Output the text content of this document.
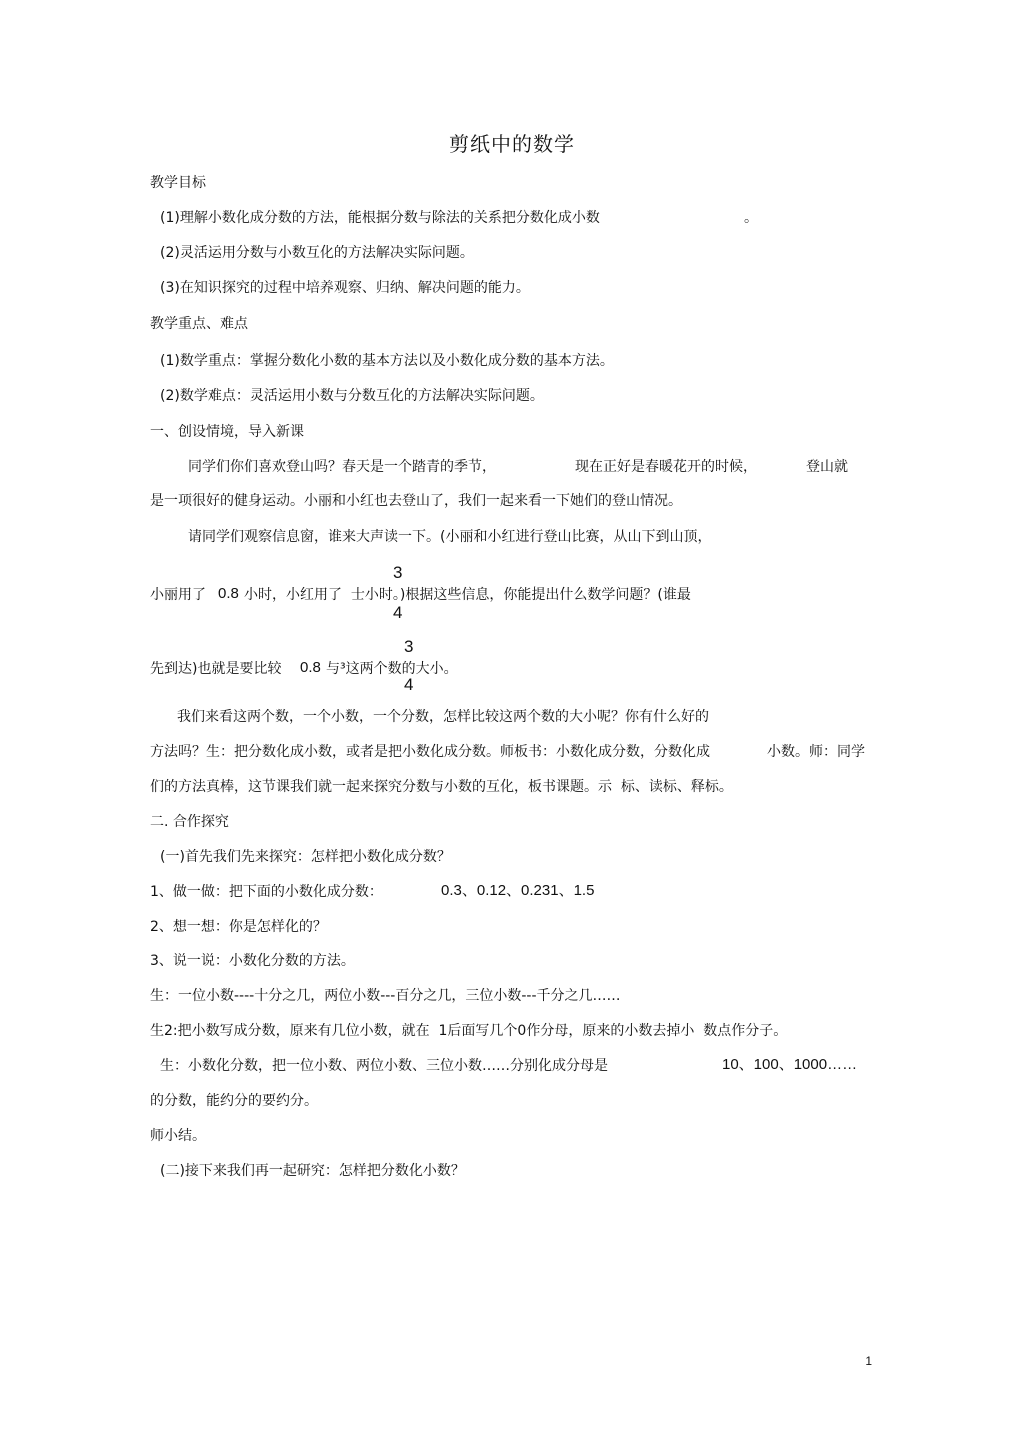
剪纸中的数学
教学目标
(1)理解小数化成分数的方法，能根据分数与除法的关系把分数化成小数	。
(2)灵活运用分数与小数互化的方法解决实际问题。
(3)在知识探究的过程中培养观察、归纳、解决问题的能力。
教学重点、难点
(1)数学重点：掌握分数化小数的基本方法以及小数化成分数的基本方法。
(2)数学难点：灵活运用小数与分数互化的方法解决实际问题。
一、创设情境，导入新课
同学们你们喜欢登山吗？春天是一个踏青的季节，	现在正好是春暖花开的时候，	登山就
是一项很好的健身运动。小丽和小红也去登山了，我们一起来看一下她们的登山情况。
请同学们观察信息窗，谁来大声读一下。(小丽和小红进行登山比赛，从山下到山顶，
3
小丽用了 0.8 小时，小红用了  士小时。)根据这些信息，你能提出什么数学问题？(谁最
4
3
先到达)也就是要比较 0.8 与³这两个数的大小。
4
我们来看这两个数，一个小数，一个分数，怎样比较这两个数的大小呢？你有什么好的
方法吗？生：把分数化成小数，或者是把小数化成分数。师板书：小数化成分数，分数化成	小数。师：同学
们的方法真棒，这节课我们就一起来探究分数与小数的互化，板书课题。示  标、读标、释标。
二. 合作探究
(一)首先我们先来探究：怎样把小数化成分数？
1、做一做：把下面的小数化成分数：	0.3、0.12、0.231、1.5
2、想一想：你是怎样化的？
3、说一说：小数化分数的方法。
生：一位小数----十分之几，两位小数---百分之几，三位小数---千分之几……
生2:把小数写成分数，原来有几位小数，就在  1后面写几个0作分母，原来的小数去掉小  数点作分子。
生：小数化分数，把一位小数、两位小数、三位小数……分别化成分母是	10、100、1000……
的分数，能约分的要约分。
师小结。
(二)接下来我们再一起研究：怎样把分数化小数？
1
